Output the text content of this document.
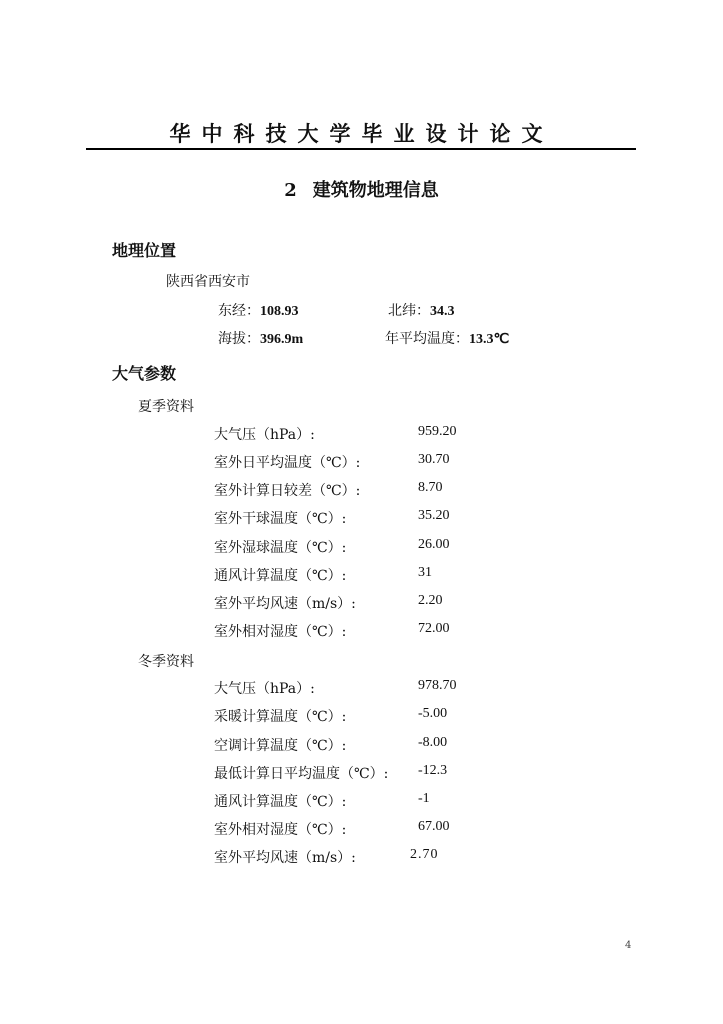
华中科技大学毕业设计论文
2 建筑物地理信息
地理位置
陕西省西安市
东经：108.93	北纬：34.3
海拔：396.9m	年平均温度：13.3℃
大气参数
夏季资料
大气压（hPa）:	959.20
室外日平均温度（℃）:	30.70
室外计算日较差（℃）:	8.70
室外干球温度（℃）:	35.20
室外湿球温度（℃）:	26.00
通风计算温度（℃）:	31
室外平均风速（m/s）:	2.20
室外相对湿度（℃）:	72.00
冬季资料
大气压（hPa）:	978.70
采暖计算温度（℃）:	-5.00
空调计算温度（℃）:	-8.00
最低计算日平均温度（℃）: -12.3
通风计算温度（℃）:	-1
室外相对湿度（℃）:	67.00
室外平均风速（m/s）:	2.70
4
